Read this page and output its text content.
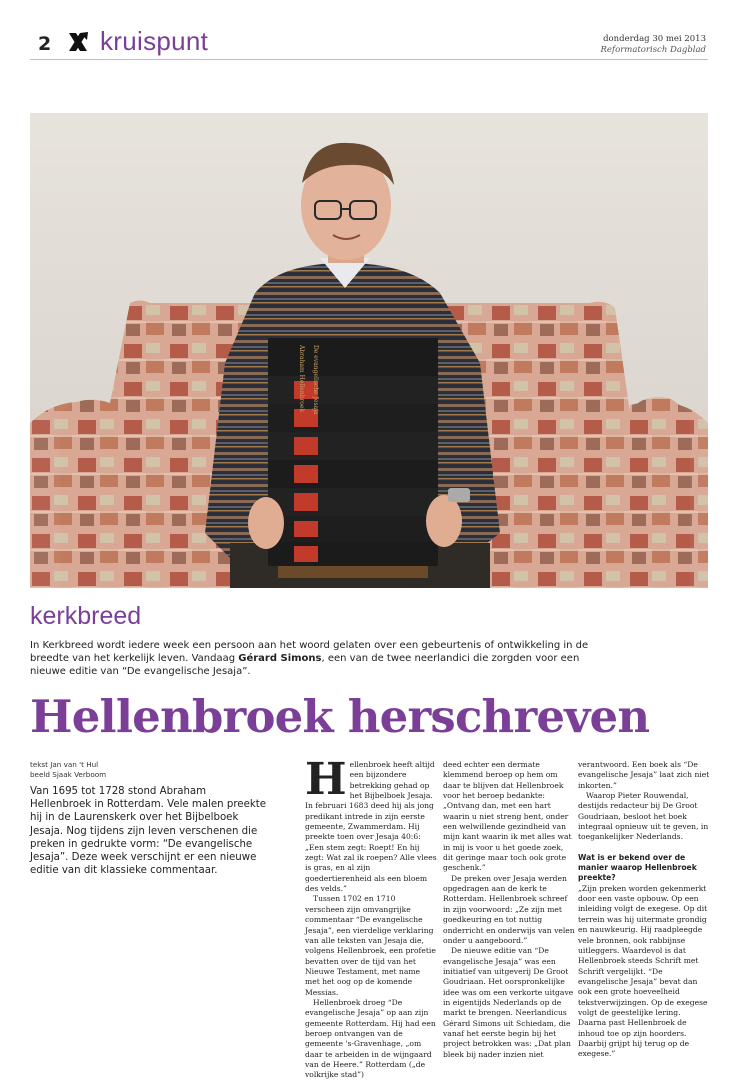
2 kruispunt	donderdag 30 mei 2013
Reformatorisch Dagblad
Abraham Hellenbroek De evangelische Jesaja
kerkbreed
In Kerkbreed wordt iedere week een persoon aan het woord gelaten over een gebeurtenis of ontwikkeling in de breedte van het kerkelijk leven. Vandaag Gérard Simons, een van de twee neerlandici die zorgden voor een nieuwe editie van “De evangelische Jesaja”.
Hellenbroek herschreven
tekst Jan van 't Hul
beeld Sjaak Verboom
Van 1695 tot 1728 stond Abraham Hellenbroek in Rotterdam. Vele malen preekte hij in de Laurenskerk over het Bijbelboek Jesaja. Nog tijdens zijn leven verschenen die preken in gedrukte vorm: “De evangelische Jesaja”. Deze week verschijnt er een nieuwe editie van dit klassieke commentaar.
H ellenbroek heeft altijd een bijzondere betrekking gehad op het Bijbelboek Jesaja. In februari 1683 deed hij als jong predikant intrede in zijn eerste gemeente, Zwammerdam. Hij preekte toen over Jesaja 40:6: „Een stem zegt: Roept! En hij zegt: Wat zal ik roepen? Alle vlees is gras, en al zijn goedertierenheid als een bloem des velds.”

Tussen 1702 en 1710 verscheen zijn omvangrijke commentaar “De evangelische Jesaja”, een vierdelige verklaring van alle teksten van Jesaja die, volgens Hellenbroek, een profetie bevatten over de tijd van het Nieuwe Testament, met name met het oog op de komende Messias.

Hellenbroek droeg “De evangelische Jesaja” op aan zijn gemeente Rotterdam. Hij had een beroep ontvangen van de gemeente 's-Gravenhage, „om daar te arbeiden in de wijngaard van de Heere.” Rotterdam („de volkrijke stad”)

deed echter een dermate klemmend beroep op hem om daar te blijven dat Hellenbroek voor het beroep bedankte: „Ontvang dan, met een hart waarin u niet streng bent, onder een welwillende gezindheid van mijn kant waarin ik met alles wat in mij is voor u het goede zoek, dit geringe maar toch ook grote geschenk.”

De preken over Jesaja werden opgedragen aan de kerk te Rotterdam. Hellenbroek schreef in zijn voorwoord: „Ze zijn met goedkeuring en tot nuttig onderricht en onderwijs van velen onder u aangeboord.”

De nieuwe editie van “De evangelische Jesaja” was een initiatief van uitgeverij De Groot Goudriaan. Het oorspronkelijke idee was om een verkorte uitgave in eigentijds Nederlands op de markt te brengen. Neerlandicus Gérard Simons uit Schiedam, die vanaf het eerste begin bij het project betrokken was: „Dat plan bleek bij nader inzien niet

verantwoord. Een boek als “De evangelische Jesaja” laat zich niet inkorten.”

Waarop Pieter Rouwendal, destijds redacteur bij De Groot Goudriaan, besloot het boek integraal opnieuw uit te geven, in toegankelijker Nederlands.

Wat is er bekend over de manier waarop Hellenbroek preekte?

„Zijn preken worden gekenmerkt door een vaste opbouw. Op een inleiding volgt de exegese. Op dit terrein was hij uitermate grondig en nauwkeurig. Hij raadpleegde vele bronnen, ook rabbijnse uitleggers. Waardevol is dat Hellenbroek steeds Schrift met Schrift vergelijkt. “De evangelische Jesaja” bevat dan ook een grote hoeveelheid tekstverwijzingen. Op de exegese volgt de geestelijke lering. Daarna past Hellenbroek de inhoud toe op zijn hoorders. Daarbij grijpt hij terug op de exegese.”
